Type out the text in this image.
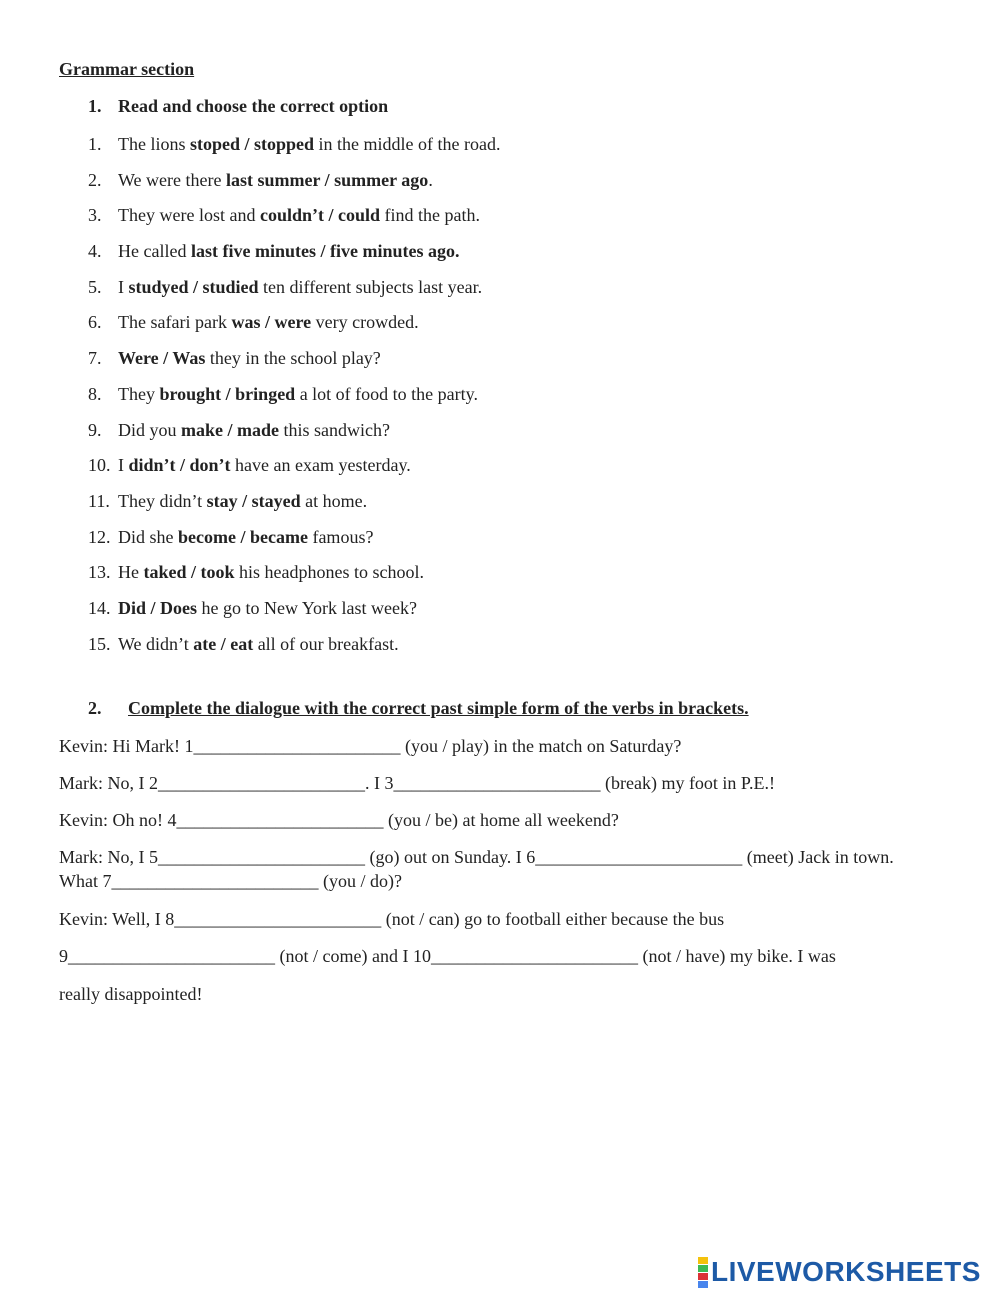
Grammar section
1. Read and choose the correct option
1. The lions stoped / stopped in the middle of the road.
2. We were there last summer / summer ago.
3. They were lost and couldn’t / could find the path.
4. He called last five minutes / five minutes ago.
5. I studyed / studied ten different subjects last year.
6. The safari park was / were very crowded.
7. Were / Was they in the school play?
8. They brought / bringed a lot of food to the party.
9. Did you make / made this sandwich?
10. I didn’t / don’t have an exam yesterday.
11. They didn’t stay / stayed at home.
12. Did she become / became famous?
13. He taked / took his headphones to school.
14. Did / Does he go to New York last week?
15. We didn’t ate / eat all of our breakfast.
2. Complete the dialogue with the correct past simple form of the verbs in brackets.
Kevin: Hi Mark! 1_______________________ (you / play) in the match on Saturday?
Mark: No, I 2_______________________. I 3_______________________ (break) my foot in P.E.!
Kevin: Oh no! 4_______________________ (you / be) at home all weekend?
Mark: No, I 5_______________________ (go) out on Sunday. I 6_______________________ (meet) Jack in town. What 7_______________________ (you / do)?
Kevin: Well, I 8_______________________ (not / can) go to football either because the bus
9_______________________ (not / come) and I 10_______________________ (not / have) my bike. I was
really disappointed!
LIVEWORKSHEETS
